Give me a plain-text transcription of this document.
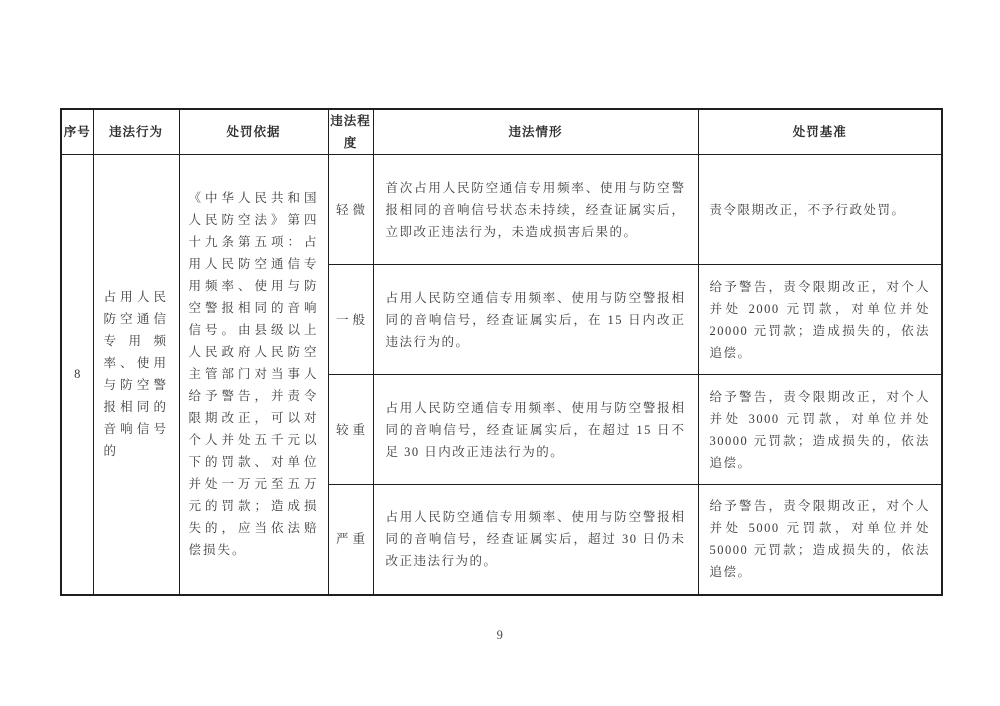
序号	违法行为	处罚依据	违法程度	违法情形	处罚基准
8	占用人民防空通信专用频率、使用与防空警报相同的音响信号的	《中华人民共和国人民防空法》第四十九条第五项：占用人民防空通信专用频率、使用与防空警报相同的音响信号。由县级以上人民政府人民防空主管部门对当事人给予警告，并责令限期改正，可以对个人并处五千元以下的罚款、对单位并处一万元至五万元的罚款；造成损失的，应当依法赔偿损失。	轻微	首次占用人民防空通信专用频率、使用与防空警报相同的音响信号状态未持续，经查证属实后，立即改正违法行为，未造成损害后果的。	责令限期改正，不予行政处罚。
			一般	占用人民防空通信专用频率、使用与防空警报相同的音响信号，经查证属实后，在 15 日内改正违法行为的。	给予警告，责令限期改正，对个人并处 2000 元罚款，对单位并处 20000 元罚款；造成损失的，依法追偿。
			较重	占用人民防空通信专用频率、使用与防空警报相同的音响信号，经查证属实后，在超过 15 日不足 30 日内改正违法行为的。	给予警告，责令限期改正，对个人并处 3000 元罚款，对单位并处 30000 元罚款；造成损失的，依法追偿。
			严重	占用人民防空通信专用频率、使用与防空警报相同的音响信号，经查证属实后，超过 30 日仍未改正违法行为的。	给予警告，责令限期改正，对个人并处 5000 元罚款，对单位并处 50000 元罚款；造成损失的，依法追偿。
9
